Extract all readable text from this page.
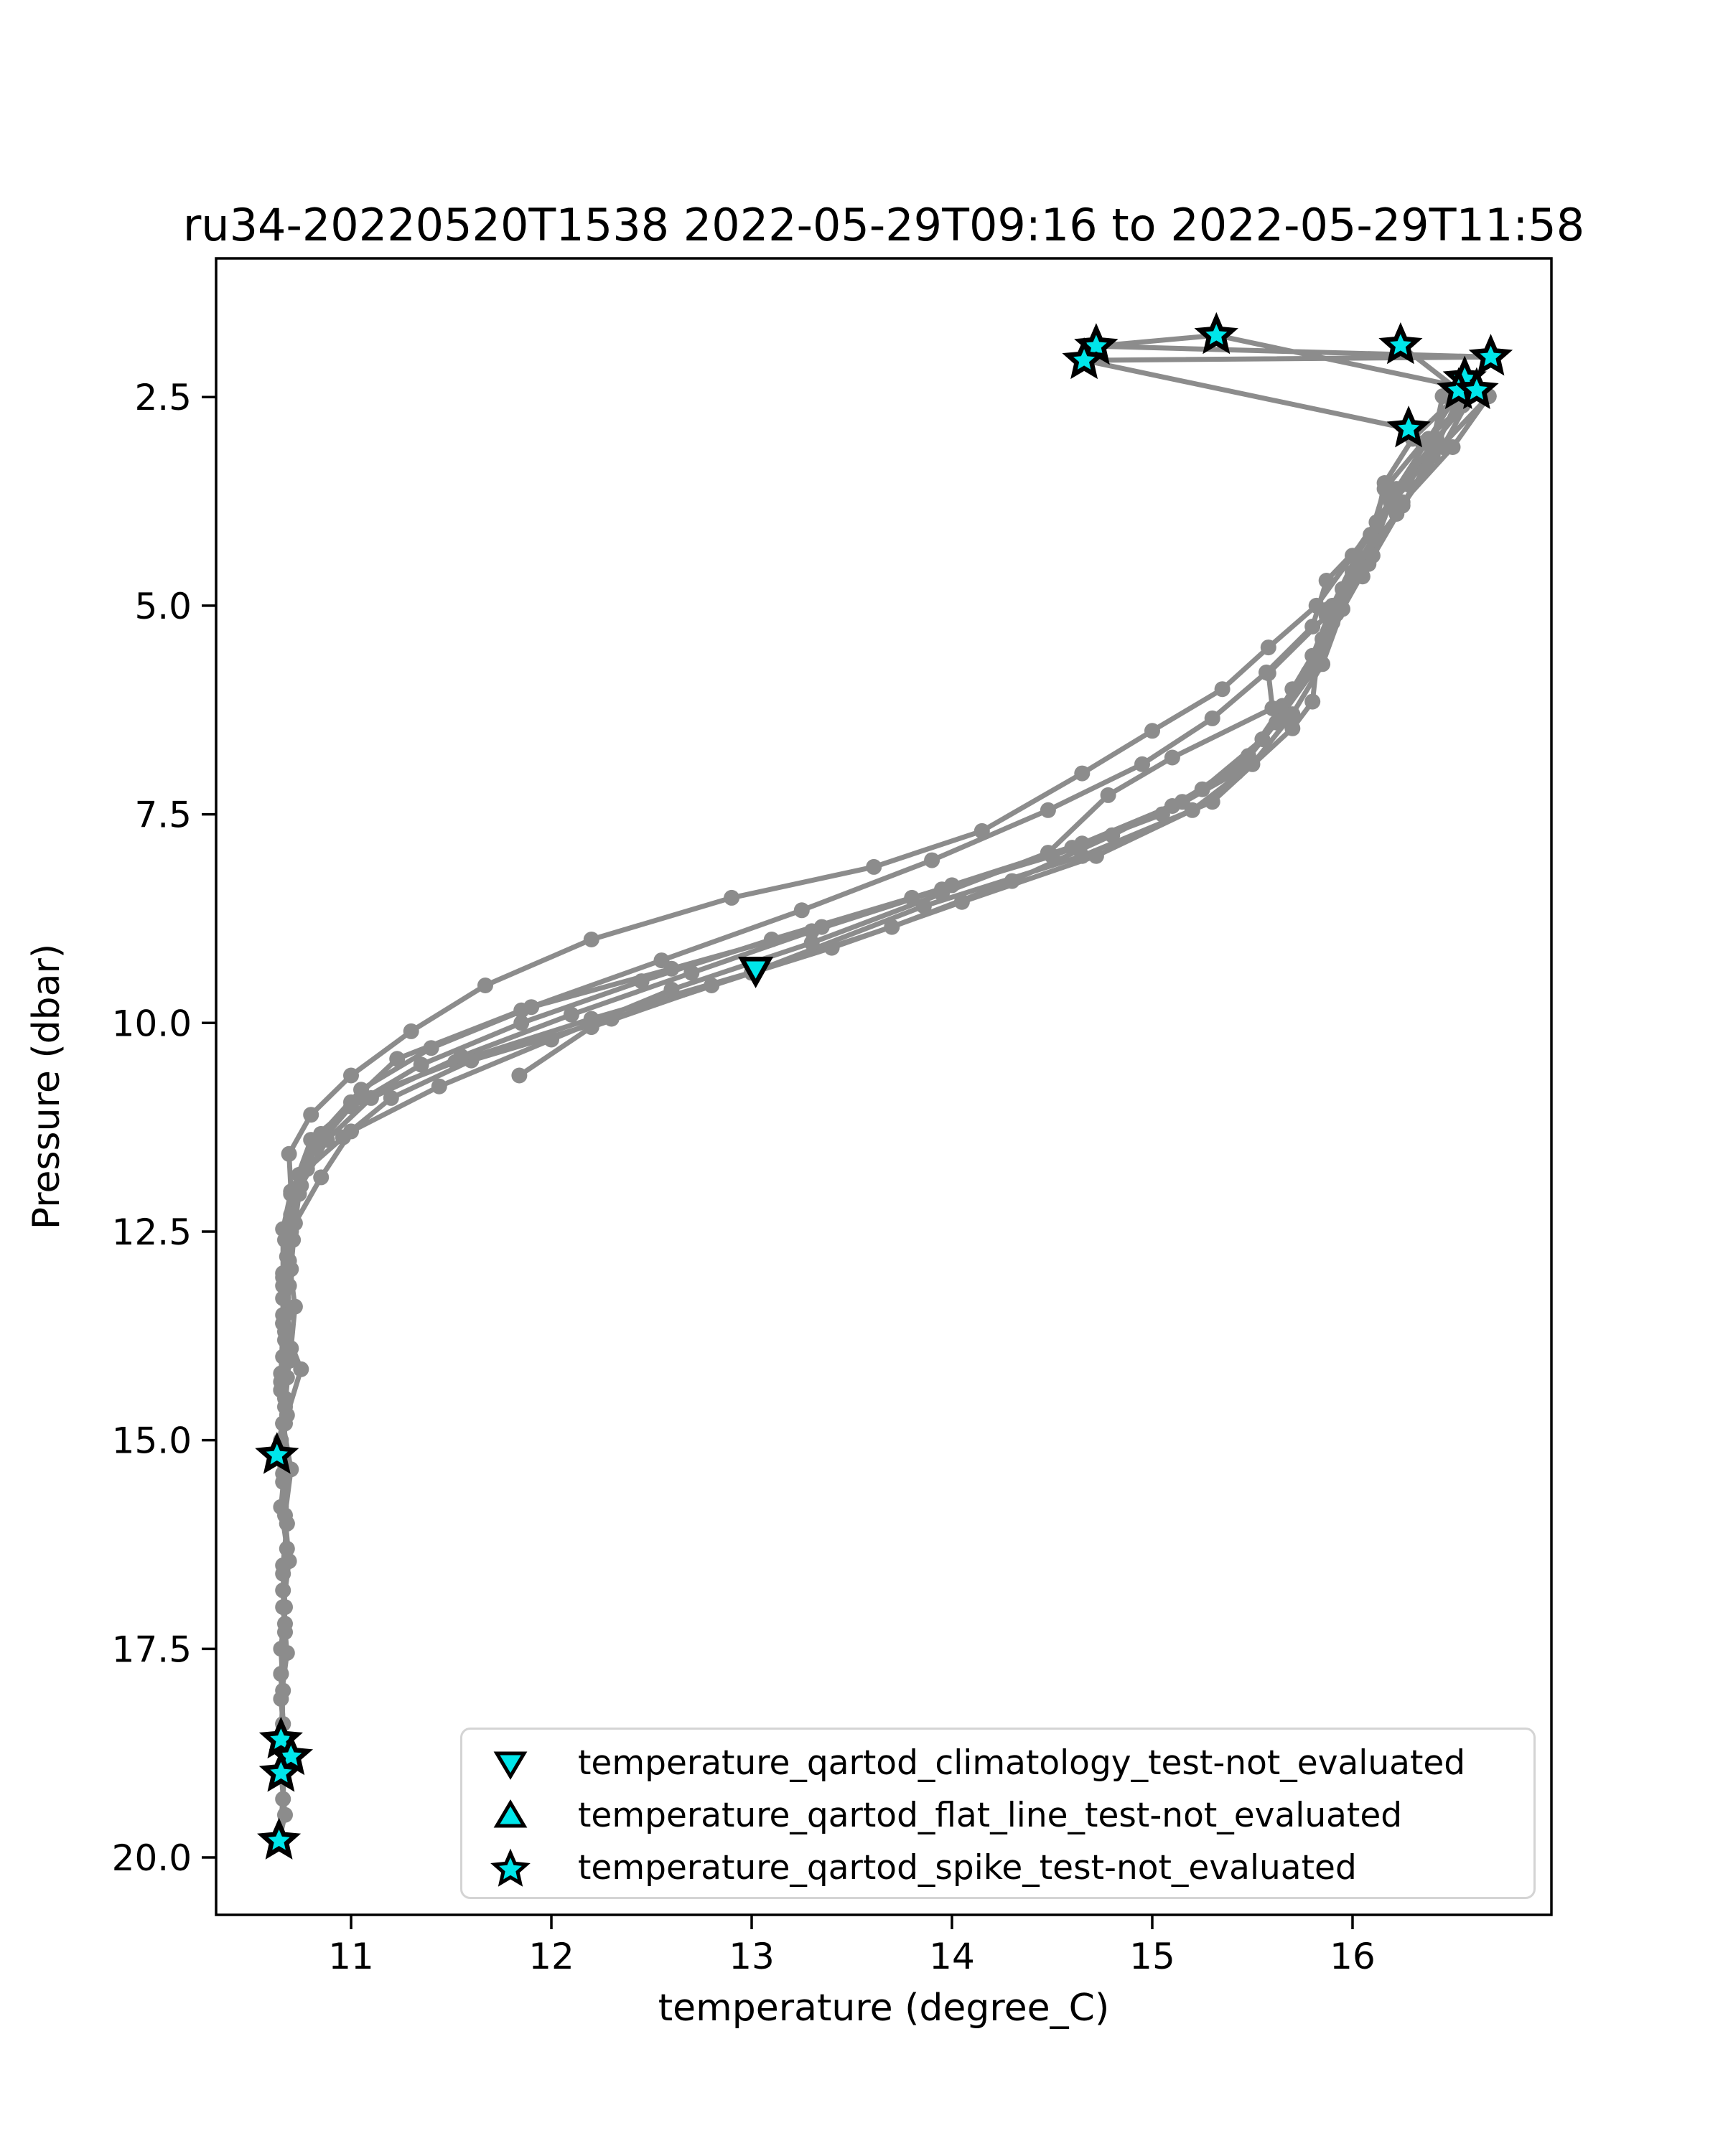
ru34-20220520T1538 2022-05-29T09:16 to 2022-05-29T11:58
temperature (degree_C)
Pressure (dbar)
11	12	13	14	15	16
2.5
5.0
7.5
10.0
12.5
15.0
17.5
20.0
temperature_qartod_climatology_test-not_evaluated
temperature_qartod_flat_line_test-not_evaluated
temperature_qartod_spike_test-not_evaluated
